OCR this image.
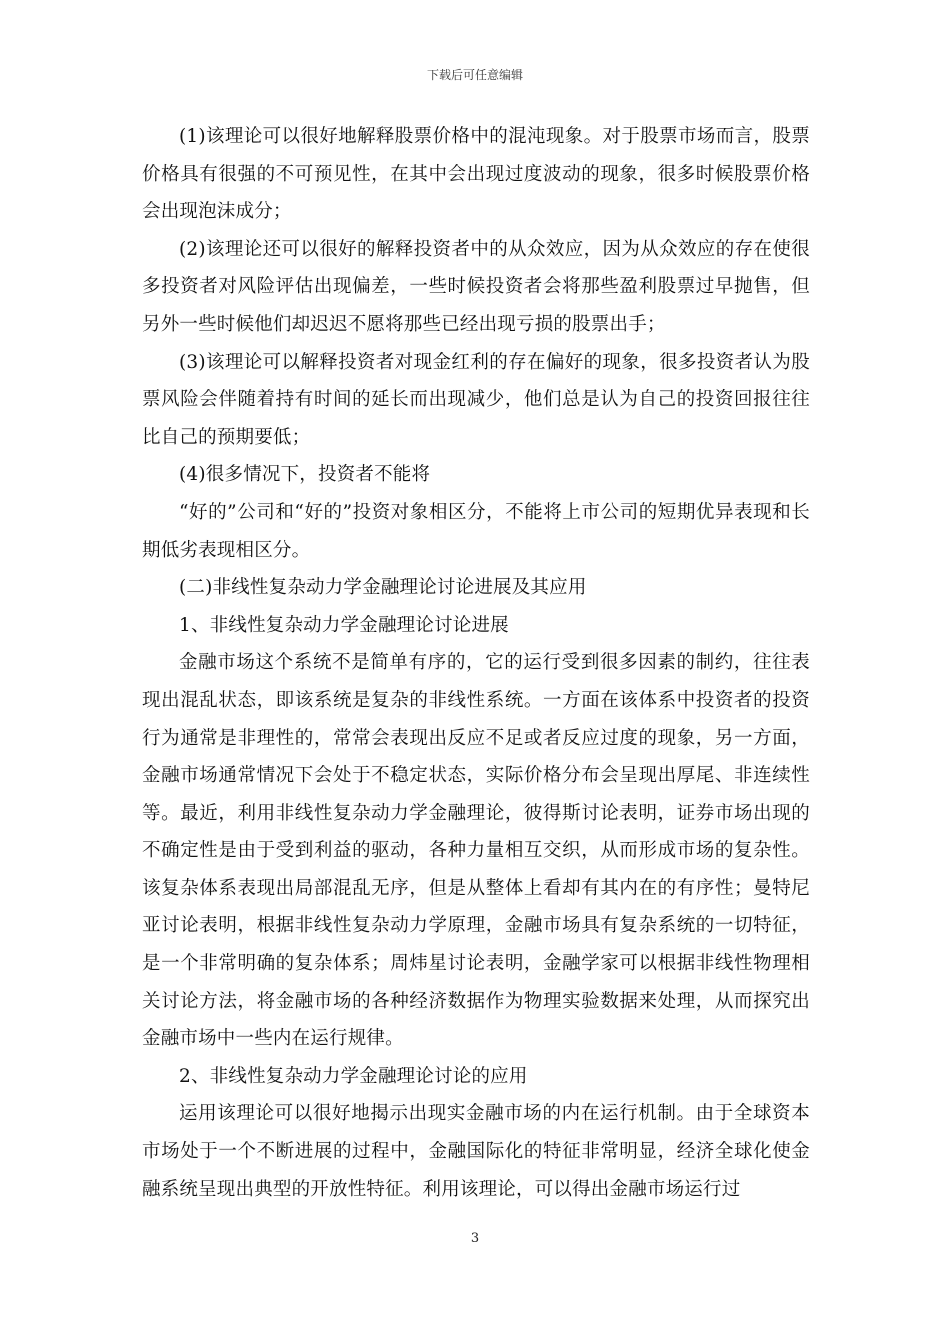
下载后可任意编辑

(1)该理论可以很好地解释股票价格中的混沌现象。对于股票市场而言，股票价格具有很强的不可预见性，在其中会出现过度波动的现象，很多时候股票价格会出现泡沫成分；

(2)该理论还可以很好的解释投资者中的从众效应，因为从众效应的存在使很多投资者对风险评估出现偏差，一些时候投资者会将那些盈利股票过早抛售，但另外一些时候他们却迟迟不愿将那些已经出现亏损的股票出手；

(3)该理论可以解释投资者对现金红利的存在偏好的现象，很多投资者认为股票风险会伴随着持有时间的延长而出现减少，他们总是认为自己的投资回报往往比自己的预期要低；

(4)很多情况下，投资者不能将

“好的”公司和“好的”投资对象相区分，不能将上市公司的短期优异表现和长期低劣表现相区分。

(二)非线性复杂动力学金融理论讨论进展及其应用

1、非线性复杂动力学金融理论讨论进展

金融市场这个系统不是简单有序的，它的运行受到很多因素的制约，往往表现出混乱状态，即该系统是复杂的非线性系统。一方面在该体系中投资者的投资行为通常是非理性的，常常会表现出反应不足或者反应过度的现象，另一方面，金融市场通常情况下会处于不稳定状态，实际价格分布会呈现出厚尾、非连续性等。最近，利用非线性复杂动力学金融理论，彼得斯讨论表明，证券市场出现的不确定性是由于受到利益的驱动，各种力量相互交织，从而形成市场的复杂性。该复杂体系表现出局部混乱无序，但是从整体上看却有其内在的有序性；曼特尼亚讨论表明，根据非线性复杂动力学原理，金融市场具有复杂系统的一切特征，是一个非常明确的复杂体系；周炜星讨论表明，金融学家可以根据非线性物理相关讨论方法，将金融市场的各种经济数据作为物理实验数据来处理，从而探究出金融市场中一些内在运行规律。

2、非线性复杂动力学金融理论讨论的应用

运用该理论可以很好地揭示出现实金融市场的内在运行机制。由于全球资本市场处于一个不断进展的过程中，金融国际化的特征非常明显，经济全球化使金融系统呈现出典型的开放性特征。利用该理论，可以得出金融市场运行过

3
